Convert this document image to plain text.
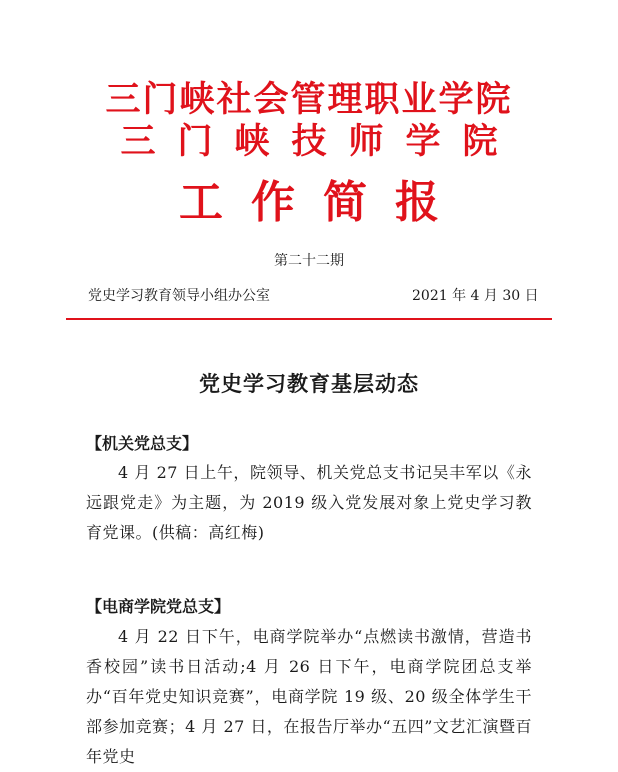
三门峡社会管理职业学院
三门峡技师学院
工作简报
第二十二期
党史学习教育领导小组办公室	2021 年 4 月 30 日
党史学习教育基层动态
【机关党总支】
4 月 27 日上午，院领导、机关党总支书记吴丰军以《永远跟党走》为主题，为 2019 级入党发展对象上党史学习教育党课。(供稿：高红梅)
【电商学院党总支】
4 月 22 日下午，电商学院举办“点燃读书激情，营造书香校园”读书日活动;4 月 26 日下午，电商学院团总支举办“百年党史知识竞赛”，电商学院 19 级、20 级全体学生干部参加竞赛；4 月 27 日，在报告厅举办“五四”文艺汇演暨百年党史
